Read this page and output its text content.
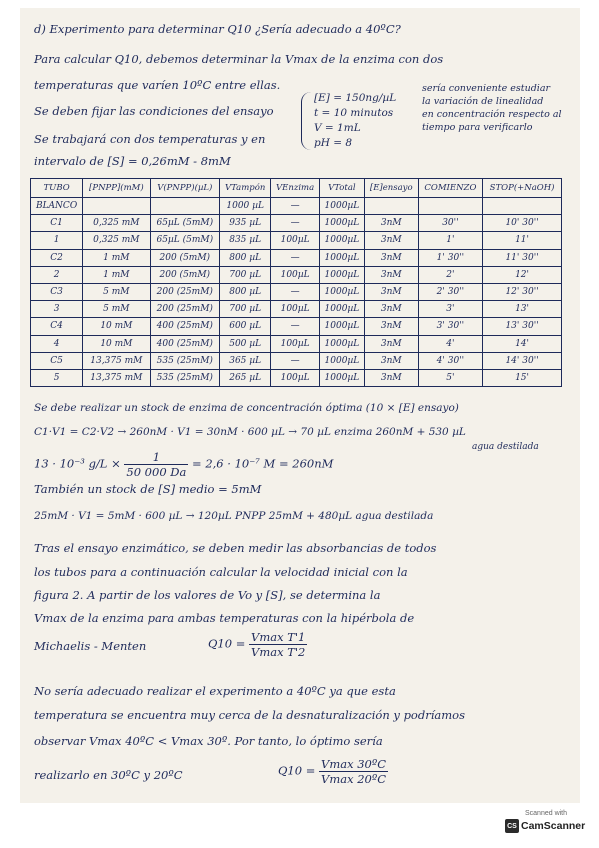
d) Experimento para determinar Q10 ¿Sería adecuado a 40ºC?
Para calcular Q10, debemos determinar la Vmax de la enzima con dos
temperaturas que varíen 10ºC entre ellas.
Se deben fijar las condiciones del ensayo
Se trabajará con dos temperaturas y en
intervalo de [S] = 0,26mM - 8mM
[E] = 150ng/µL
t = 10 minutos
V = 1mL
pH = 8
sería conveniente estudiar
la variación de linealidad
en concentración respecto al
tiempo para verificarlo
TUBO	[PNPP](mM)	V(PNPP)(µL)	VTampón	VEnzima	VTotal	[E]ensayo	COMIENZO	STOP(+NaOH)
BLANCO			1000 µL	—	1000µL			
C1	0,325 mM	65µL (5mM)	935 µL	—	1000µL	3nM	30''	10' 30''
1	0,325 mM	65µL (5mM)	835 µL	100µL	1000µL	3nM	1'	11'
C2	1 mM	200 (5mM)	800 µL	—	1000µL	3nM	1' 30''	11' 30''
2	1 mM	200 (5mM)	700 µL	100µL	1000µL	3nM	2'	12'
C3	5 mM	200 (25mM)	800 µL	—	1000µL	3nM	2' 30''	12' 30''
3	5 mM	200 (25mM)	700 µL	100µL	1000µL	3nM	3'	13'
C4	10 mM	400 (25mM)	600 µL	—	1000µL	3nM	3' 30''	13' 30''
4	10 mM	400 (25mM)	500 µL	100µL	1000µL	3nM	4'	14'
C5	13,375 mM	535 (25mM)	365 µL	—	1000µL	3nM	4' 30''	14' 30''
5	13,375 mM	535 (25mM)	265 µL	100µL	1000µL	3nM	5'	15'
Se debe realizar un stock de enzima de concentración óptima (10 × [E] ensayo)
C1·V1 = C2·V2 → 260nM · V1 = 30nM · 600 µL → 70 µL enzima 260nM + 530 µL
agua destilada
13 · 10⁻³ $g/L \times \frac{1}{50 000 Da} = 2,6 \cdot 10^{-7}$ M = 260nM
También un stock de [S] medio = 5mM
25mM · V1 = 5mM · 600 µL → 120µL PNPP 25mM + 480µL agua destilada
Tras el ensayo enzimático, se deben medir las absorbancias de todos
los tubos para a continuación calcular la velocidad inicial con la
figura 2. A partir de los valores de Vo y [S], se determina la
Vmax de la enzima para ambas temperaturas con la hipérbola de
Michaelis - Menten	$Q10 = \frac{\text{Vmax T'1}}{\text{Vmax T'2}}$
No sería adecuado realizar el experimento a 40ºC ya que esta
temperatura se encuentra muy cerca de la desnaturalización y podríamos
observar Vmax 40ºC < Vmax 30º. Por tanto, lo óptimo sería
realizarlo en 30ºC y 20ºC	$Q10 = \frac{\text{Vmax 30ºC}}{\text{Vmax 20ºC}}$
Scanned with
CS CamScanner
